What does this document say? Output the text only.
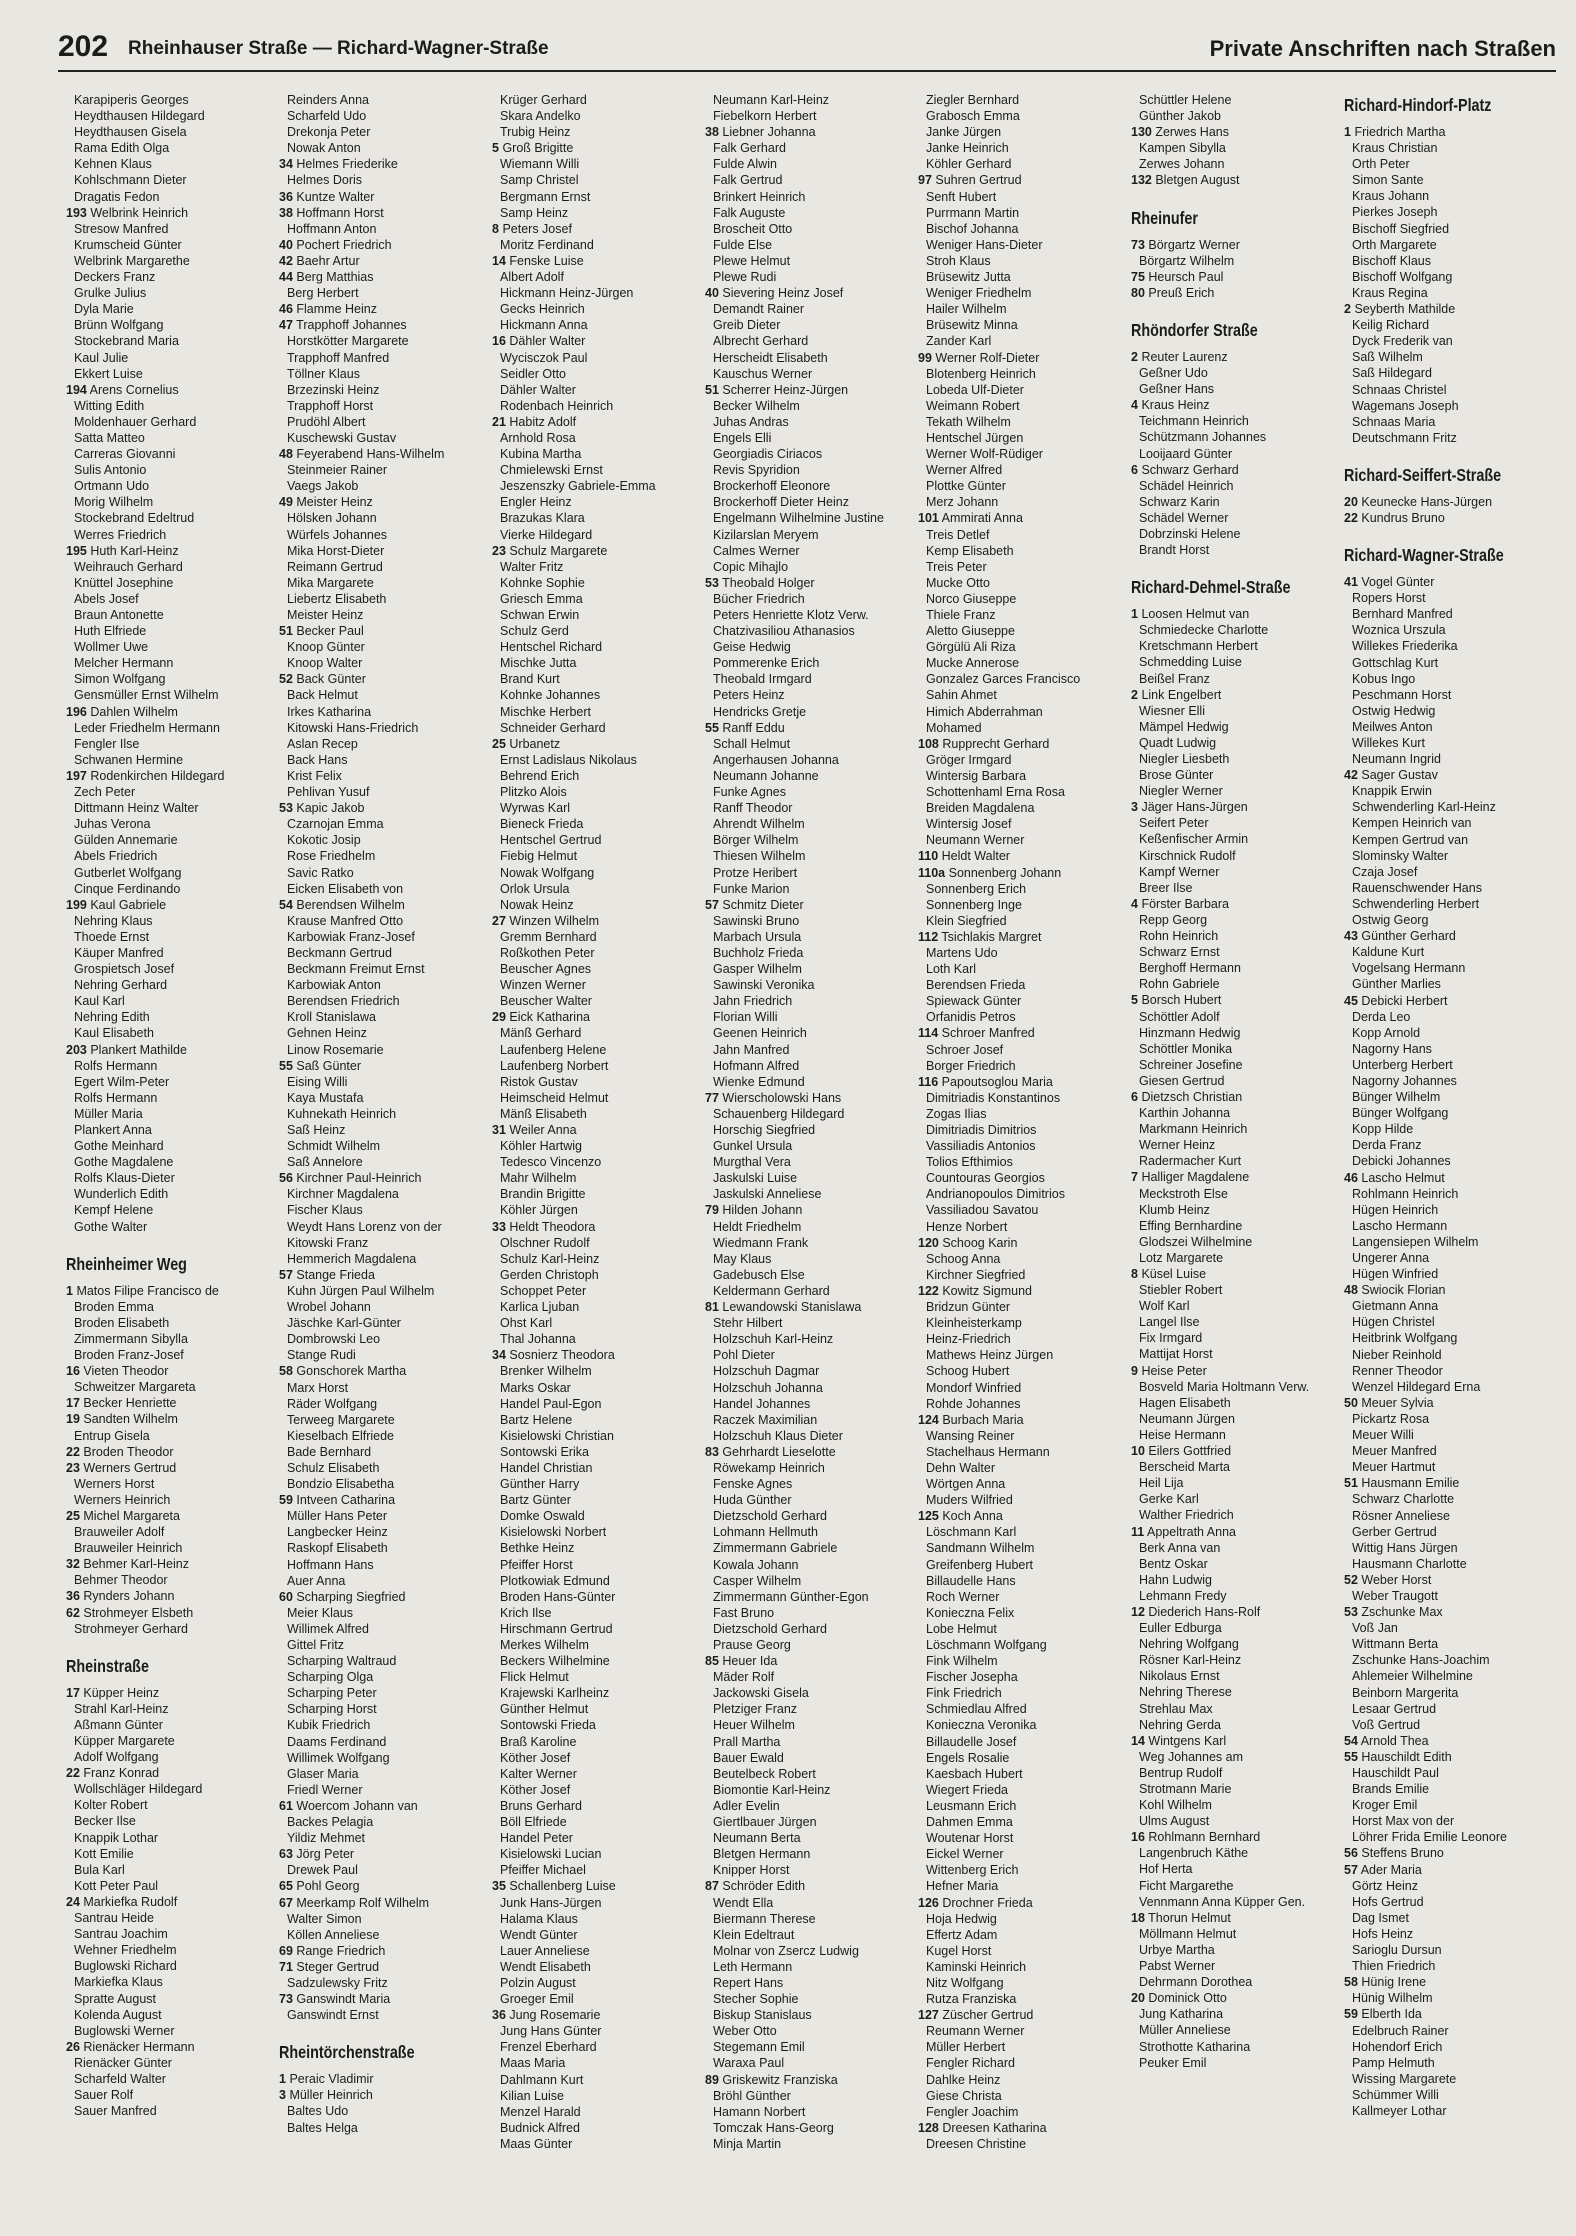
202 Rheinhauser Straße — Richard-Wagner-Straße	Private Anschriften nach Straßen
Karapiperis Georges
Heydthausen Hildegard
Heydthausen Gisela
Rama Edith Olga
Kehnen Klaus
Kohlschmann Dieter
Dragatis Fedon
193 Welbrink Heinrich
Stresow Manfred
Krumscheid Günter
Welbrink Margarethe
Deckers Franz
Grulke Julius
Dyla Marie
Brünn Wolfgang
Stockebrand Maria
Kaul Julie
Ekkert Luise
194 Arens Cornelius
Witting Edith
Moldenhauer Gerhard
Satta Matteo
Carreras Giovanni
Sulis Antonio
Ortmann Udo
Morig Wilhelm
Stockebrand Edeltrud
Werres Friedrich
195 Huth Karl-Heinz
Weihrauch Gerhard
Knüttel Josephine
Abels Josef
Braun Antonette
Huth Elfriede
Wollmer Uwe
Melcher Hermann
Simon Wolfgang
Gensmüller Ernst Wilhelm
196 Dahlen Wilhelm
Leder Friedhelm Hermann
Fengler Ilse
Schwanen Hermine
197 Rodenkirchen Hildegard
Zech Peter
Dittmann Heinz Walter
Juhas Verona
Gülden Annemarie
Abels Friedrich
Gutberlet Wolfgang
Cinque Ferdinando
199 Kaul Gabriele
Nehring Klaus
Thoede Ernst
Käuper Manfred
Grospietsch Josef
Nehring Gerhard
Kaul Karl
Nehring Edith
Kaul Elisabeth
203 Plankert Mathilde
Rolfs Hermann
Egert Wilm-Peter
Rolfs Hermann
Müller Maria
Plankert Anna
Gothe Meinhard
Gothe Magdalene
Rolfs Klaus-Dieter
Wunderlich Edith
Kempf Helene
Gothe Walter
Rheinheimer Weg
1 Matos Filipe Francisco de
Broden Emma
Broden Elisabeth
Zimmermann Sibylla
Broden Franz-Josef
16 Vieten Theodor
Schweitzer Margareta
17 Becker Henriette
19 Sandten Wilhelm
Entrup Gisela
22 Broden Theodor
23 Werners Gertrud
Werners Horst
Werners Heinrich
25 Michel Margareta
Brauweiler Adolf
Brauweiler Heinrich
32 Behmer Karl-Heinz
Behmer Theodor
36 Rynders Johann
62 Strohmeyer Elsbeth
Strohmeyer Gerhard
Rheinstraße
17 Küpper Heinz
Strahl Karl-Heinz
Aßmann Günter
Küpper Margarete
Adolf Wolfgang
22 Franz Konrad
Wollschläger Hildegard
Kolter Robert
Becker Ilse
Knappik Lothar
Kott Emilie
Bula Karl
Kott Peter Paul
24 Markiefka Rudolf
Santrau Heide
Santrau Joachim
Wehner Friedhelm
Buglowski Richard
Markiefka Klaus
Spratte August
Kolenda August
Buglowski Werner
26 Rienäcker Hermann
Rienäcker Günter
Scharfeld Walter
Sauer Rolf
Sauer Manfred
Reinders Anna
Scharfeld Udo
Drekonja Peter
Nowak Anton
34 Helmes Friederike
Helmes Doris
36 Kuntze Walter
38 Hoffmann Horst
Hoffmann Anton
40 Pochert Friedrich
42 Baehr Artur
44 Berg Matthias
Berg Herbert
46 Flamme Heinz
47 Trapphoff Johannes
Horstkötter Margarete
Trapphoff Manfred
Töllner Klaus
Brzezinski Heinz
Trapphoff Horst
Prudöhl Albert
Kuschewski Gustav
48 Feyerabend Hans-Wilhelm
Steinmeier Rainer
Vaegs Jakob
49 Meister Heinz
Hölsken Johann
Würfels Johannes
Mika Horst-Dieter
Reimann Gertrud
Mika Margarete
Liebertz Elisabeth
Meister Heinz
51 Becker Paul
Knoop Günter
Knoop Walter
52 Back Günter
Back Helmut
Irkes Katharina
Kitowski Hans-Friedrich
Aslan Recep
Back Hans
Krist Felix
Pehlivan Yusuf
53 Kapic Jakob
Czarnojan Emma
Kokotic Josip
Rose Friedhelm
Savic Ratko
Eicken Elisabeth von
54 Berendsen Wilhelm
Krause Manfred Otto
Karbowiak Franz-Josef
Beckmann Gertrud
Beckmann Freimut Ernst
Karbowiak Anton
Berendsen Friedrich
Kroll Stanislawa
Gehnen Heinz
Linow Rosemarie
55 Saß Günter
Eising Willi
Kaya Mustafa
Kuhnekath Heinrich
Saß Heinz
Schmidt Wilhelm
Saß Annelore
56 Kirchner Paul-Heinrich
Kirchner Magdalena
Fischer Klaus
Weydt Hans Lorenz von der
Kitowski Franz
Hemmerich Magdalena
57 Stange Frieda
Kuhn Jürgen Paul Wilhelm
Wrobel Johann
Jäschke Karl-Günter
Dombrowski Leo
Stange Rudi
58 Gonschorek Martha
Marx Horst
Räder Wolfgang
Terweeg Margarete
Kieselbach Elfriede
Bade Bernhard
Schulz Elisabeth
Bondzio Elisabetha
59 Intveen Catharina
Müller Hans Peter
Langbecker Heinz
Raskopf Elisabeth
Hoffmann Hans
Auer Anna
60 Scharping Siegfried
Meier Klaus
Willimek Alfred
Gittel Fritz
Scharping Waltraud
Scharping Olga
Scharping Peter
Scharping Horst
Kubik Friedrich
Daams Ferdinand
Willimek Wolfgang
Glaser Maria
Friedl Werner
61 Woercom Johann van
Backes Pelagia
Yildiz Mehmet
63 Jörg Peter
Drewek Paul
65 Pohl Georg
67 Meerkamp Rolf Wilhelm
Walter Simon
Köllen Anneliese
69 Range Friedrich
71 Steger Gertrud
Sadzulewsky Fritz
73 Ganswindt Maria
Ganswindt Ernst
Rheintörchenstraße
1 Peraic Vladimir
3 Müller Heinrich
Baltes Udo
Baltes Helga
Krüger Gerhard
Skara Andelko
Trubig Heinz
5 Groß Brigitte
Wiemann Willi
Samp Christel
Bergmann Ernst
Samp Heinz
8 Peters Josef
Moritz Ferdinand
14 Fenske Luise
Albert Adolf
Hickmann Heinz-Jürgen
Gecks Heinrich
Hickmann Anna
16 Dähler Walter
Wycisczok Paul
Seidler Otto
Dähler Walter
Rodenbach Heinrich
21 Habitz Adolf
Arnhold Rosa
Kubina Martha
Chmielewski Ernst
Jeszenszky Gabriele-Emma
Engler Heinz
Brazukas Klara
Vierke Hildegard
23 Schulz Margarete
Walter Fritz
Kohnke Sophie
Griesch Emma
Schwan Erwin
Schulz Gerd
Hentschel Richard
Mischke Jutta
Brand Kurt
Kohnke Johannes
Mischke Herbert
Schneider Gerhard
25 Urbanetz
Ernst Ladislaus Nikolaus
Behrend Erich
Plitzko Alois
Wyrwas Karl
Bieneck Frieda
Hentschel Gertrud
Fiebig Helmut
Nowak Wolfgang
Orlok Ursula
Nowak Heinz
27 Winzen Wilhelm
Gremm Bernhard
Roßkothen Peter
Beuscher Agnes
Winzen Werner
Beuscher Walter
29 Eick Katharina
Mänß Gerhard
Laufenberg Helene
Laufenberg Norbert
Ristok Gustav
Heimscheid Helmut
Mänß Elisabeth
31 Weiler Anna
Köhler Hartwig
Tedesco Vincenzo
Mahr Wilhelm
Brandin Brigitte
Köhler Jürgen
33 Heldt Theodora
Olschner Rudolf
Schulz Karl-Heinz
Gerden Christoph
Schoppet Peter
Karlica Ljuban
Ohst Karl
Thal Johanna
34 Sosnierz Theodora
Brenker Wilhelm
Marks Oskar
Handel Paul-Egon
Bartz Helene
Kisielowski Christian
Sontowski Erika
Handel Christian
Günther Harry
Bartz Günter
Domke Oswald
Kisielowski Norbert
Bethke Heinz
Pfeiffer Horst
Plotkowiak Edmund
Broden Hans-Günter
Krich Ilse
Hirschmann Gertrud
Merkes Wilhelm
Beckers Wilhelmine
Flick Helmut
Krajewski Karlheinz
Günther Helmut
Sontowski Frieda
Braß Karoline
Köther Josef
Kalter Werner
Köther Josef
Bruns Gerhard
Böll Elfriede
Handel Peter
Kisielowski Lucian
Pfeiffer Michael
35 Schallenberg Luise
Junk Hans-Jürgen
Halama Klaus
Wendt Günter
Lauer Anneliese
Wendt Elisabeth
Polzin August
Groeger Emil
36 Jung Rosemarie
Jung Hans Günter
Frenzel Eberhard
Maas Maria
Dahlmann Kurt
Kilian Luise
Menzel Harald
Budnick Alfred
Maas Günter
Neumann Karl-Heinz
Fiebelkorn Herbert
38 Liebner Johanna
Falk Gerhard
Fulde Alwin
Falk Gertrud
Brinkert Heinrich
Falk Auguste
Broscheit Otto
Fulde Else
Plewe Helmut
Plewe Rudi
40 Sievering Heinz Josef
Demandt Rainer
Greib Dieter
Albrecht Gerhard
Herscheidt Elisabeth
Kauschus Werner
51 Scherrer Heinz-Jürgen
Becker Wilhelm
Juhas Andras
Engels Elli
Georgiadis Ciriacos
Revis Spyridion
Brockerhoff Eleonore
Brockerhoff Dieter Heinz
Engelmann Wilhelmine Justine
Kizilarslan Meryem
Calmes Werner
Copic Mihajlo
53 Theobald Holger
Bücher Friedrich
Peters Henriette Klotz Verw.
Chatzivasiliou Athanasios
Geise Hedwig
Pommerenke Erich
Theobald Irmgard
Peters Heinz
Hendricks Gretje
55 Ranff Eddu
Schall Helmut
Angerhausen Johanna
Neumann Johanne
Funke Agnes
Ranff Theodor
Ahrendt Wilhelm
Börger Wilhelm
Thiesen Wilhelm
Protze Heribert
Funke Marion
57 Schmitz Dieter
Sawinski Bruno
Marbach Ursula
Buchholz Frieda
Gasper Wilhelm
Sawinski Veronika
Jahn Friedrich
Florian Willi
Geenen Heinrich
Jahn Manfred
Hofmann Alfred
Wienke Edmund
77 Wierscholowski Hans
Schauenberg Hildegard
Horschig Siegfried
Gunkel Ursula
Murgthal Vera
Jaskulski Luise
Jaskulski Anneliese
79 Hilden Johann
Heldt Friedhelm
Wiedmann Frank
May Klaus
Gadebusch Else
Keldermann Gerhard
81 Lewandowski Stanislawa
Stehr Hilbert
Holzschuh Karl-Heinz
Pohl Dieter
Holzschuh Dagmar
Holzschuh Johanna
Handel Johannes
Raczek Maximilian
Holzschuh Klaus Dieter
83 Gehrhardt Lieselotte
Röwekamp Heinrich
Fenske Agnes
Huda Günther
Dietzschold Gerhard
Lohmann Hellmuth
Zimmermann Gabriele
Kowala Johann
Casper Wilhelm
Zimmermann Günther-Egon
Fast Bruno
Dietzschold Gerhard
Prause Georg
85 Heuer Ida
Mäder Rolf
Jackowski Gisela
Pletziger Franz
Heuer Wilhelm
Prall Martha
Bauer Ewald
Beutelbeck Robert
Biomontie Karl-Heinz
Adler Evelin
Giertlbauer Jürgen
Neumann Berta
Bletgen Hermann
Knipper Horst
87 Schröder Edith
Wendt Ella
Biermann Therese
Klein Edeltraut
Molnar von Zsercz Ludwig
Leth Hermann
Repert Hans
Stecher Sophie
Biskup Stanislaus
Weber Otto
Stegemann Emil
Waraxa Paul
89 Griskewitz Franziska
Bröhl Günther
Hamann Norbert
Tomczak Hans-Georg
Minja Martin
Ziegler Bernhard
Grabosch Emma
Janke Jürgen
Janke Heinrich
Köhler Gerhard
97 Suhren Gertrud
Senft Hubert
Purrmann Martin
Bischof Johanna
Weniger Hans-Dieter
Stroh Klaus
Brüsewitz Jutta
Weniger Friedhelm
Hailer Wilhelm
Brüsewitz Minna
Zander Karl
99 Werner Rolf-Dieter
Blotenberg Heinrich
Lobeda Ulf-Dieter
Weimann Robert
Tekath Wilhelm
Hentschel Jürgen
Werner Wolf-Rüdiger
Werner Alfred
Plottke Günter
Merz Johann
101 Ammirati Anna
Treis Detlef
Kemp Elisabeth
Treis Peter
Mucke Otto
Norco Giuseppe
Thiele Franz
Aletto Giuseppe
Görgülü Ali Riza
Mucke Annerose
Gonzalez Garces Francisco
Sahin Ahmet
Himich Abderrahman
Mohamed
108 Rupprecht Gerhard
Gröger Irmgard
Wintersig Barbara
Schottenhaml Erna Rosa
Breiden Magdalena
Wintersig Josef
Neumann Werner
110 Heldt Walter
110a Sonnenberg Johann
Sonnenberg Erich
Sonnenberg Inge
Klein Siegfried
112 Tsichlakis Margret
Martens Udo
Loth Karl
Berendsen Frieda
Spiewack Günter
Orfanidis Petros
114 Schroer Manfred
Schroer Josef
Borger Friedrich
116 Papoutsoglou Maria
Dimitriadis Konstantinos
Zogas Ilias
Dimitriadis Dimitrios
Vassiliadis Antonios
Tolios Efthimios
Countouras Georgios
Andrianopoulos Dimitrios
Vassiliadou Savatou
Henze Norbert
120 Schoog Karin
Schoog Anna
Kirchner Siegfried
122 Kowitz Sigmund
Bridzun Günter
Kleinheisterkamp
Heinz-Friedrich
Mathews Heinz Jürgen
Schoog Hubert
Mondorf Winfried
Rohde Johannes
124 Burbach Maria
Wansing Reiner
Stachelhaus Hermann
Dehn Walter
Wörtgen Anna
Muders Wilfried
125 Koch Anna
Löschmann Karl
Sandmann Wilhelm
Greifenberg Hubert
Billaudelle Hans
Roch Werner
Konieczna Felix
Lobe Helmut
Löschmann Wolfgang
Fink Wilhelm
Fischer Josepha
Fink Friedrich
Schmiedlau Alfred
Konieczna Veronika
Billaudelle Josef
Engels Rosalie
Kaesbach Hubert
Wiegert Frieda
Leusmann Erich
Dahmen Emma
Woutenar Horst
Eickel Werner
Wittenberg Erich
Hefner Maria
126 Drochner Frieda
Hoja Hedwig
Effertz Adam
Kugel Horst
Kaminski Heinrich
Nitz Wolfgang
Rutza Franziska
127 Züscher Gertrud
Reumann Werner
Müller Herbert
Fengler Richard
Dahlke Heinz
Giese Christa
Fengler Joachim
128 Dreesen Katharina
Dreesen Christine
Schüttler Helene
Günther Jakob
130 Zerwes Hans
Kampen Sibylla
Zerwes Johann
132 Bletgen August
Rheinufer
73 Börgartz Werner
Börgartz Wilhelm
75 Heursch Paul
80 Preuß Erich
Rhöndorfer Straße
2 Reuter Laurenz
Geßner Udo
Geßner Hans
4 Kraus Heinz
Teichmann Heinrich
Schützmann Johannes
Looijaard Günter
6 Schwarz Gerhard
Schädel Heinrich
Schwarz Karin
Schädel Werner
Dobrzinski Helene
Brandt Horst
Richard-Dehmel-Straße
1 Loosen Helmut van
Schmiedecke Charlotte
Kretschmann Herbert
Schmedding Luise
Beißel Franz
2 Link Engelbert
Wiesner Elli
Mämpel Hedwig
Quadt Ludwig
Niegler Liesbeth
Brose Günter
Niegler Werner
3 Jäger Hans-Jürgen
Seifert Peter
Keßenfischer Armin
Kirschnick Rudolf
Kampf Werner
Breer Ilse
4 Förster Barbara
Repp Georg
Rohn Heinrich
Schwarz Ernst
Berghoff Hermann
Rohn Gabriele
5 Borsch Hubert
Schöttler Adolf
Hinzmann Hedwig
Schöttler Monika
Schreiner Josefine
Giesen Gertrud
6 Dietzsch Christian
Karthin Johanna
Markmann Heinrich
Werner Heinz
Radermacher Kurt
7 Halliger Magdalene
Meckstroth Else
Klumb Heinz
Effing Bernhardine
Glodszei Wilhelmine
Lotz Margarete
8 Küsel Luise
Stiebler Robert
Wolf Karl
Langel Ilse
Fix Irmgard
Mattijat Horst
9 Heise Peter
Bosveld Maria Holtmann Verw.
Hagen Elisabeth
Neumann Jürgen
Heise Hermann
10 Eilers Gottfried
Berscheid Marta
Heil Lija
Gerke Karl
Walther Friedrich
11 Appeltrath Anna
Berk Anna van
Bentz Oskar
Hahn Ludwig
Lehmann Fredy
12 Diederich Hans-Rolf
Euller Edburga
Nehring Wolfgang
Rösner Karl-Heinz
Nikolaus Ernst
Nehring Therese
Strehlau Max
Nehring Gerda
14 Wintgens Karl
Weg Johannes am
Bentrup Rudolf
Strotmann Marie
Kohl Wilhelm
Ulms August
16 Rohlmann Bernhard
Langenbruch Käthe
Hof Herta
Ficht Margarethe
Vennmann Anna Küpper Gen.
18 Thorun Helmut
Möllmann Helmut
Urbye Martha
Pabst Werner
Dehrmann Dorothea
20 Dominick Otto
Jung Katharina
Müller Anneliese
Strothotte Katharina
Peuker Emil
Richard-Hindorf-Platz
1 Friedrich Martha
Kraus Christian
Orth Peter
Simon Sante
Kraus Johann
Pierkes Joseph
Bischoff Siegfried
Orth Margarete
Bischoff Klaus
Bischoff Wolfgang
Kraus Regina
2 Seyberth Mathilde
Keilig Richard
Dyck Frederik van
Saß Wilhelm
Saß Hildegard
Schnaas Christel
Wagemans Joseph
Schnaas Maria
Deutschmann Fritz
Richard-Seiffert-Straße
20 Keunecke Hans-Jürgen
22 Kundrus Bruno
Richard-Wagner-Straße
41 Vogel Günter
Ropers Horst
Bernhard Manfred
Woznica Urszula
Willekes Friederika
Gottschlag Kurt
Kobus Ingo
Peschmann Horst
Ostwig Hedwig
Meilwes Anton
Willekes Kurt
Neumann Ingrid
42 Sager Gustav
Knappik Erwin
Schwenderling Karl-Heinz
Kempen Heinrich van
Kempen Gertrud van
Slominsky Walter
Czaja Josef
Rauenschwender Hans
Schwenderling Herbert
Ostwig Georg
43 Günther Gerhard
Kaldune Kurt
Vogelsang Hermann
Günther Marlies
45 Debicki Herbert
Derda Leo
Kopp Arnold
Nagorny Hans
Unterberg Herbert
Nagorny Johannes
Bünger Wilhelm
Bünger Wolfgang
Kopp Hilde
Derda Franz
Debicki Johannes
46 Lascho Helmut
Rohlmann Heinrich
Hügen Heinrich
Lascho Hermann
Langensiepen Wilhelm
Ungerer Anna
Hügen Winfried
48 Swiocik Florian
Gietmann Anna
Hügen Christel
Heitbrink Wolfgang
Nieber Reinhold
Renner Theodor
Wenzel Hildegard Erna
50 Meuer Sylvia
Pickartz Rosa
Meuer Willi
Meuer Manfred
Meuer Hartmut
51 Hausmann Emilie
Schwarz Charlotte
Rösner Anneliese
Gerber Gertrud
Wittig Hans Jürgen
Hausmann Charlotte
52 Weber Horst
Weber Traugott
53 Zschunke Max
Voß Jan
Wittmann Berta
Zschunke Hans-Joachim
Ahlemeier Wilhelmine
Beinborn Margerita
Lesaar Gertrud
Voß Gertrud
54 Arnold Thea
55 Hauschildt Edith
Hauschildt Paul
Brands Emilie
Kroger Emil
Horst Max von der
Löhrer Frida Emilie Leonore
56 Steffens Bruno
57 Ader Maria
Görtz Heinz
Hofs Gertrud
Dag Ismet
Hofs Heinz
Sarioglu Dursun
Thien Friedrich
58 Hünig Irene
Hünig Wilhelm
59 Elberth Ida
Edelbruch Rainer
Hohendorf Erich
Pamp Helmuth
Wissing Margarete
Schümmer Willi
Kallmeyer Lothar
